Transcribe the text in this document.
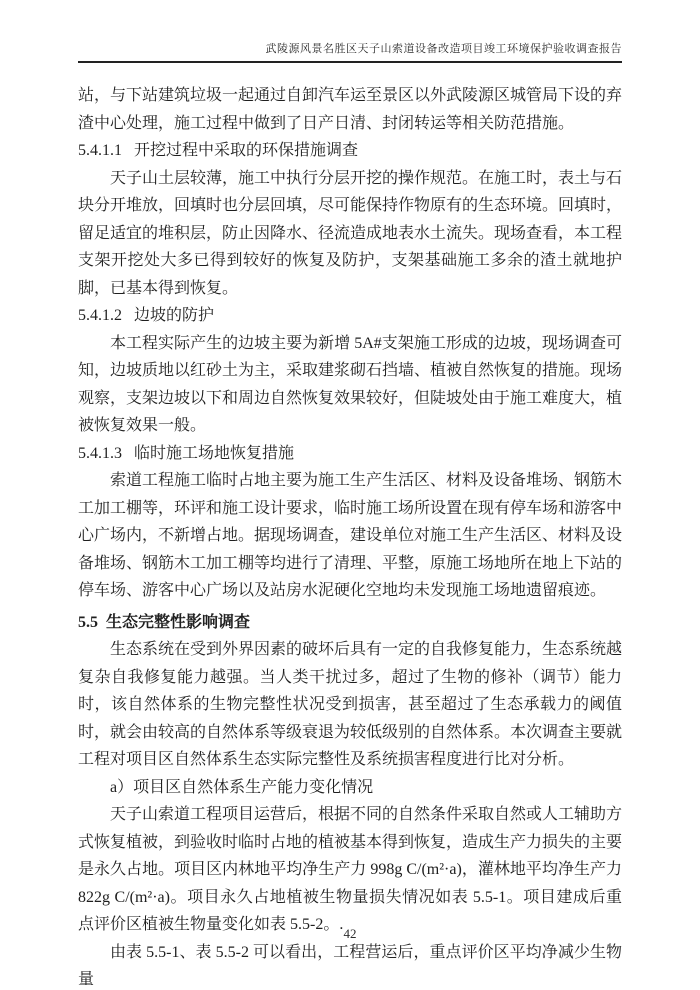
武陵源风景名胜区天子山索道设备改造项目竣工环境保护验收调查报告

站，与下站建筑垃圾一起通过自卸汽车运至景区以外武陵源区城管局下设的弃渣中心处理，施工过程中做到了日产日清、封闭转运等相关防范措施。

5.4.1.1 开挖过程中采取的环保措施调查

天子山土层较薄，施工中执行分层开挖的操作规范。在施工时，表土与石块分开堆放，回填时也分层回填，尽可能保持作物原有的生态环境。回填时，留足适宜的堆积层，防止因降水、径流造成地表水土流失。现场查看，本工程支架开挖处大多已得到较好的恢复及防护，支架基础施工多余的渣土就地护脚，已基本得到恢复。

5.4.1.2 边坡的防护

本工程实际产生的边坡主要为新增 5A#支架施工形成的边坡，现场调查可知，边坡质地以红砂土为主，采取建浆砌石挡墙、植被自然恢复的措施。现场观察，支架边坡以下和周边自然恢复效果较好，但陡坡处由于施工难度大，植被恢复效果一般。

5.4.1.3 临时施工场地恢复措施

索道工程施工临时占地主要为施工生产生活区、材料及设备堆场、钢筋木工加工棚等，环评和施工设计要求，临时施工场所设置在现有停车场和游客中心广场内，不新增占地。据现场调查，建设单位对施工生产生活区、材料及设备堆场、钢筋木工加工棚等均进行了清理、平整，原施工场地所在地上下站的停车场、游客中心广场以及站房水泥硬化空地均未发现施工场地遗留痕迹。

5.5 生态完整性影响调查

生态系统在受到外界因素的破坏后具有一定的自我修复能力，生态系统越复杂自我修复能力越强。当人类干扰过多，超过了生物的修补（调节）能力时，该自然体系的生物完整性状况受到损害，甚至超过了生态承载力的阈值时，就会由较高的自然体系等级衰退为较低级别的自然体系。本次调查主要就工程对项目区自然体系生态实际完整性及系统损害程度进行比对分析。

a）项目区自然体系生产能力变化情况

天子山索道工程项目运营后，根据不同的自然条件采取自然或人工辅助方式恢复植被，到验收时临时占地的植被基本得到恢复，造成生产力损失的主要是永久占地。项目区内林地平均净生产力 998g C/(m²·a)，灌林地平均净生产力 822g C/(m²·a)。项目永久占地植被生物量损失情况如表 5.5-1。项目建成后重点评价区植被生物量变化如表 5.5-2。.

由表 5.5-1、表 5.5-2 可以看出，工程营运后，重点评价区平均净减少生物量

42
